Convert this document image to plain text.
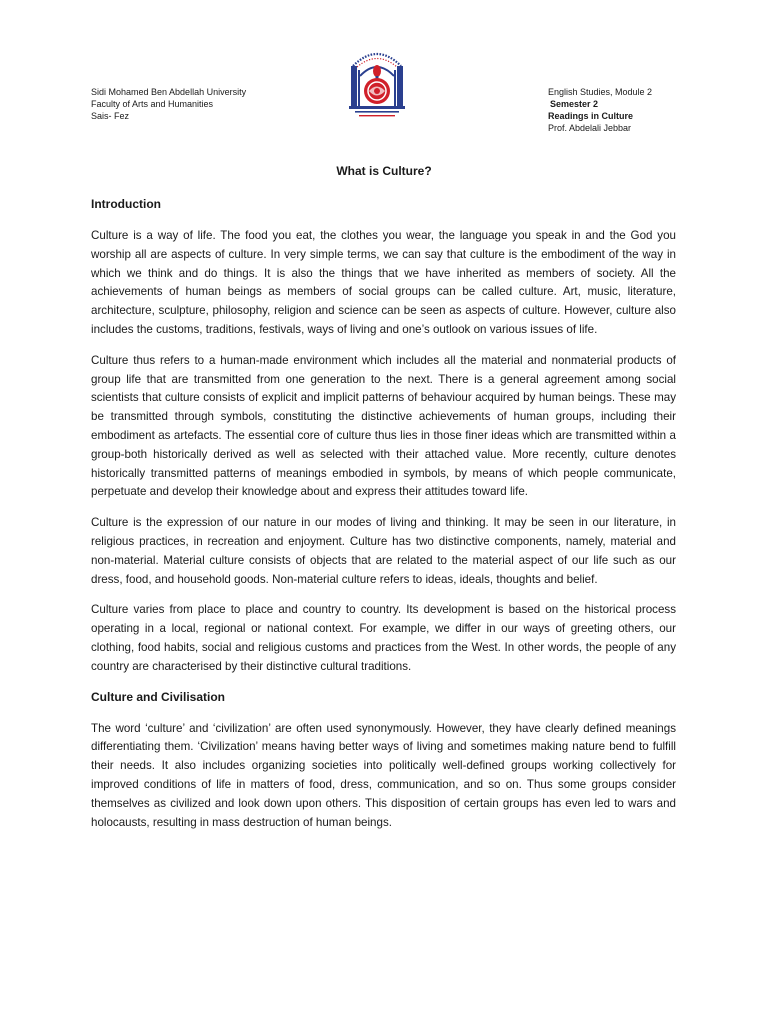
Sidi Mohamed Ben Abdellah University
Faculty of Arts and Humanities
Sais- Fez
English Studies, Module 2
Semester 2
Readings in Culture
Prof. Abdelali Jebbar
What is Culture?
Introduction

Culture is a way of life. The food you eat, the clothes you wear, the language you speak in and the God you worship all are aspects of culture. In very simple terms, we can say that culture is the embodiment of the way in which we think and do things. It is also the things that we have inherited as members of society. All the achievements of human beings as members of social groups can be called culture. Art, music, literature, architecture, sculpture, philosophy, religion and science can be seen as aspects of culture. However, culture also includes the customs, traditions, festivals, ways of living and one’s outlook on various issues of life.

Culture thus refers to a human-made environment which includes all the material and nonmaterial products of group life that are transmitted from one generation to the next. There is a general agreement among social scientists that culture consists of explicit and implicit patterns of behaviour acquired by human beings. These may be transmitted through symbols, constituting the distinctive achievements of human groups, including their embodiment as artefacts. The essential core of culture thus lies in those finer ideas which are transmitted within a group-both historically derived as well as selected with their attached value. More recently, culture denotes historically transmitted patterns of meanings embodied in symbols, by means of which people communicate, perpetuate and develop their knowledge about and express their attitudes toward life.

Culture is the expression of our nature in our modes of living and thinking. It may be seen in our literature, in religious practices, in recreation and enjoyment. Culture has two distinctive components, namely, material and non-material. Material culture consists of objects that are related to the material aspect of our life such as our dress, food, and household goods. Non-material culture refers to ideas, ideals, thoughts and belief.

Culture varies from place to place and country to country. Its development is based on the historical process operating in a local, regional or national context. For example, we differ in our ways of greeting others, our clothing, food habits, social and religious customs and practices from the West. In other words, the people of any country are characterised by their distinctive cultural traditions.

Culture and Civilisation

The word ‘culture’ and ‘civilization’ are often used synonymously. However, they have clearly defined meanings differentiating them. ‘Civilization’ means having better ways of living and sometimes making nature bend to fulfill their needs. It also includes organizing societies into politically well-defined groups working collectively for improved conditions of life in matters of food, dress, communication, and so on. Thus some groups consider themselves as civilized and look down upon others. This disposition of certain groups has even led to wars and holocausts, resulting in mass destruction of human beings.
